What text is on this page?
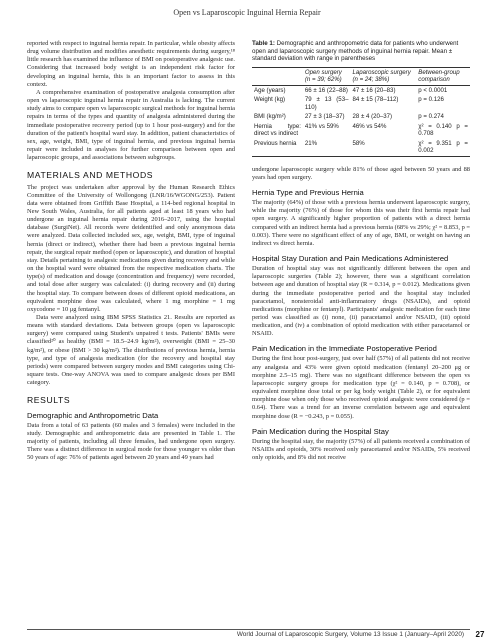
Open vs Laparoscopic Inguinal Hernia Repair

reported with respect to inguinal hernia repair. In particular, while obesity affects drug volume distribution and modifies anesthetic requirements during surgery,¹⁸ little research has examined the influence of BMI on postoperative analgesic use. Considering that increased body weight is an independent risk factor for developing an inguinal hernia, this is an important factor to assess in this context.

A comprehensive examination of postoperative analgesia consumption after open vs laparoscopic inguinal hernia repair in Australia is lacking. The current study aims to compare open vs laparoscopic surgical methods for inguinal hernia repairs in terms of the types and quantity of analgesia administered during the immediate postoperative recovery period (up to 1 hour post-surgery) and for the duration of the patient's hospital ward stay. In addition, patient characteristics of sex, age, weight, BMI, type of inguinal hernia, and previous inguinal hernia repair were included in analyses for further comparison between open and laparoscopic groups, and associations between subgroups.

MATERIALS AND METHODS

The project was undertaken after approval by the Human Research Ethics Committee of the University of Wollongong (LNR/16/WGONG/253). Patient data were obtained from Griffith Base Hospital, a 114-bed regional hospital in New South Wales, Australia, for all patients aged at least 18 years who had undergone an inguinal hernia repair during 2016–2017, using the hospital database (SurgiNet). All records were deidentified and only anonymous data were analyzed. Data collected included sex, age, weight, BMI, type of inguinal hernia (direct or indirect), whether there had been a previous inguinal hernia repair, the surgical repair method (open or laparoscopic), and duration of hospital stay. Details pertaining to analgesic medications given during recovery and while on the hospital ward were obtained from the respective medication charts. The type(s) of medication and dosage (concentration and frequency) were recorded, and total dose after surgery was calculated: (i) during recovery and (ii) during the hospital stay. To compare between doses of different opioid medications, an equivalent morphine dose was calculated, where 1 mg morphine = 1 mg oxycodone = 10 μg fentanyl.

Data were analyzed using IBM SPSS Statistics 21. Results are reported as means with standard deviations. Data between groups (open vs laparoscopic surgery) were compared using Student's unpaired t tests. Patients' BMIs were classified²⁰ as healthy (BMI = 18.5–24.9 kg/m²), overweight (BMI = 25–30 kg/m²), or obese (BMI > 30 kg/m²). The distributions of previous hernia, hernia type, and type of analgesia medication (for the recovery and hospital stay periods) were compared between surgery modes and BMI categories using Chi-square tests. One-way ANOVA was used to compare analgesic doses per BMI category.

RESULTS
Demographic and Anthropometric Data

Data from a total of 63 patients (60 males and 3 females) were included in the study. Demographic and anthropometric data are presented in Table 1. The majority of patients, including all three females, had undergone open surgery. There was a distinct difference in surgical mode for those younger vs older than 50 years of age: 76% of patients aged between 20 years and 49 years had

Table 1: Demographic and anthropometric data for patients who underwent open and laparoscopic surgery methods of inguinal hernia repair. Mean ± standard deviation with range in parentheses
	Open surgery (n = 39; 62%)	Laparoscopic surgery (n = 24; 38%)	Between-group comparison
Age (years)	66 ± 16 (22–88)	47 ± 16 (20–83)	p < 0.0001
Weight (kg)	79 ± 13 (53–110)	84 ± 15 (78–112)	p = 0.126
BMI (kg/m²)	27 ± 3 (18–37)	28 ± 4 (20–37)	p = 0.274
Hernia type: direct vs indirect	41% vs 59%	46% vs 54%	χ² = 0.140 p = 0.708
Previous hernia	21%	58%	χ² = 9.351 p = 0.002

undergone laparoscopic surgery while 81% of those aged between 50 years and 88 years had open surgery.

Hernia Type and Previous Hernia

The majority (64%) of those with a previous hernia underwent laparoscopic surgery, while the majority (76%) of those for whom this was their first hernia repair had open surgery. A significantly higher proportion of patients with a direct hernia compared with an indirect hernia had a previous hernia (68% vs 29%; χ² = 8.853, p = 0.003). There were no significant effect of any of age, BMI, or weight on having an indirect vs direct hernia.

Hospital Stay Duration and Pain Medications Administered

Duration of hospital stay was not significantly different between the open and laparoscopic surgeries (Table 2); however, there was a significant correlation between age and duration of hospital stay (R = 0.314, p = 0.012). Medications given during the immediate postoperative period and the hospital stay included paracetamol, nonsteroidal anti-inflammatory drugs (NSAIDs), and opioid medications (morphine or fentanyl). Participants' analgesic medication for each time period was classified as (i) none, (ii) paracetamol and/or NSAID, (iii) opioid medication, and (iv) a combination of opioid medication with either paracetamol or NSAID.

Pain Medication in the Immediate Postoperative Period

During the first hour post-surgery, just over half (57%) of all patients did not receive any analgesia and 43% were given opioid medication (fentanyl 20–200 μg or morphine 2.5–15 mg). There was no significant difference between the open vs laparoscopic surgery groups for medication type (χ² = 0.140, p = 0.708), or equivalent morphine dose total or per kg body weight (Table 2), or for equivalent morphine dose when only those who received opioid analgesic were considered (p = 0.64). There was a trend for an inverse correlation between age and equivalent morphine dose (R = −0.243, p = 0.055).

Pain Medication during the Hospital Stay

During the hospital stay, the majority (57%) of all patients received a combination of NSAIDs and opioids, 30% received only paracetamol and/or NSAIDs, 5% received only opioids, and 8% did not receive

World Journal of Laparoscopic Surgery, Volume 13 Issue 1 (January–April 2020)	27
